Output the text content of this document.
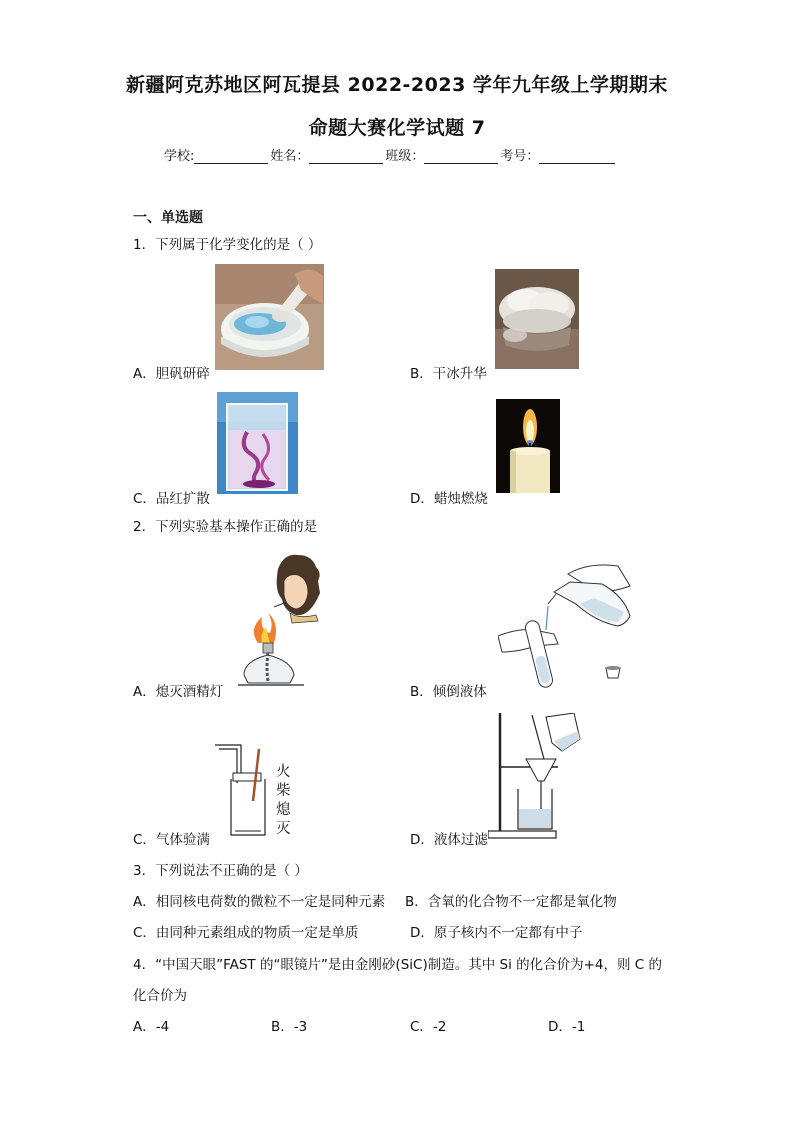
新疆阿克苏地区阿瓦提县 2022-2023 学年九年级上学期期末
命题大赛化学试题 7
学校:	姓名：	班级：	考号：
一、单选题
1．下列属于化学变化的是（ ）
A．胆矾研碎	B．干冰升华
C．品红扩散	D．蜡烛燃烧
2．下列实验基本操作正确的是
A．熄灭酒精灯	B．倾倒液体
火
柴
熄
灭
C．气体验满	D．液体过滤
3．下列说法不正确的是（ ）
A．相同核电荷数的微粒不一定是同种元素 B．含氧的化合物不一定都是氧化物
C．由同种元素组成的物质一定是单质	D．原子核内不一定都有中子
4．“中国天眼”FAST 的“眼镜片”是由金刚砂(SiC)制造。其中 Si 的化合价为+4，则 C 的
化合价为
A．-4	B．-3	C．-2	D．-1
